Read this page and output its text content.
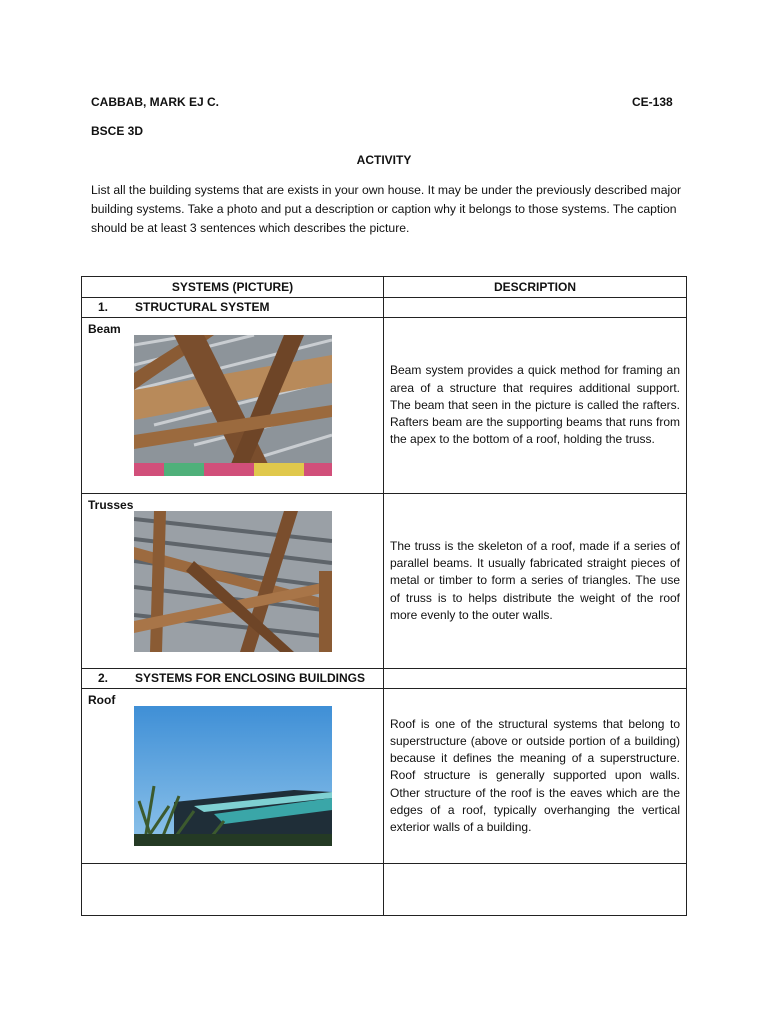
CABBAB, MARK EJ C.	CE-138
BSCE 3D
ACTIVITY
List all the building systems that are exists in your own house. It may be under the previously described major building systems. Take a photo and put a description or caption why it belongs to those systems. The caption should be at least 3 sentences which describes the picture.
SYSTEMS (PICTURE)	DESCRIPTION
1. STRUCTURAL SYSTEM	

Beam	Beam system provides a quick method for framing an area of a structure that requires additional support. The beam that seen in the picture is called the rafters. Rafters beam are the supporting beams that runs from the apex to the bottom of a roof, holding the truss.

Trusses	The truss is the skeleton of a roof, made if a series of parallel beams. It usually fabricated straight pieces of metal or timber to form a series of triangles. The use of truss is to helps distribute the weight of the roof more evenly to the outer walls.

2. SYSTEMS FOR ENCLOSING BUILDINGS	

Roof	Roof is one of the structural systems that belong to superstructure (above or outside portion of a building) because it defines the meaning of a superstructure. Roof structure is generally supported upon walls. Other structure of the roof is the eaves which are the edges of a roof, typically overhanging the vertical exterior walls of a building.
